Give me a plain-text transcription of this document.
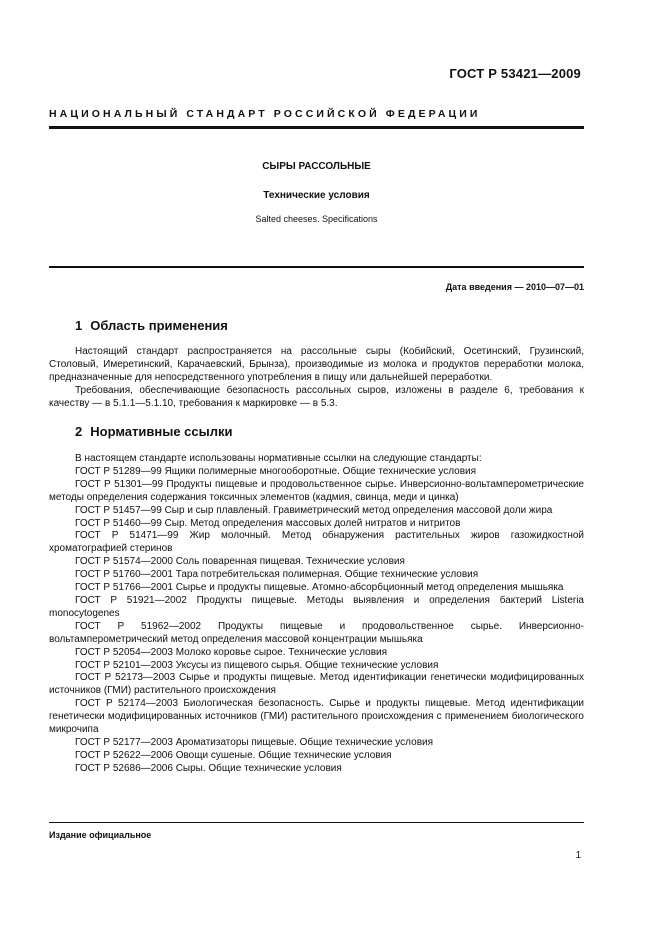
ГОСТ Р 53421—2009
НАЦИОНАЛЬНЫЙ СТАНДАРТ РОССИЙСКОЙ ФЕДЕРАЦИИ
СЫРЫ РАССОЛЬНЫЕ
Технические условия
Salted cheeses. Specifications
Дата введения — 2010—07—01
1 Область применения

Настоящий стандарт распространяется на рассольные сыры (Кобийский, Осетинский, Грузинский, Столовый, Имеретинский, Карачаевский, Брынза), производимые из молока и продуктов переработки молока, предназначенные для непосредственного употребления в пищу или дальнейшей переработки.

Требования, обеспечивающие безопасность рассольных сыров, изложены в разделе 6, требования к качеству — в 5.1.1—5.1.10, требования к маркировке — в 5.3.

2 Нормативные ссылки

В настоящем стандарте использованы нормативные ссылки на следующие стандарты:

ГОСТ Р 51289—99 Ящики полимерные многооборотные. Общие технические условия

ГОСТ Р 51301—99 Продукты пищевые и продовольственное сырье. Инверсионно-вольтамперометрические методы определения содержания токсичных элементов (кадмия, свинца, меди и цинка)

ГОСТ Р 51457—99 Сыр и сыр плавленый. Гравиметрический метод определения массовой доли жира

ГОСТ Р 51460—99 Сыр. Метод определения массовых долей нитратов и нитритов

ГОСТ Р 51471—99 Жир молочный. Метод обнаружения растительных жиров газожидкостной хроматографией стеринов

ГОСТ Р 51574—2000 Соль поваренная пищевая. Технические условия

ГОСТ Р 51760—2001 Тара потребительская полимерная. Общие технические условия

ГОСТ Р 51766—2001 Сырье и продукты пищевые. Атомно-абсорбционный метод определения мышьяка

ГОСТ Р 51921—2002 Продукты пищевые. Методы выявления и определения бактерий Listeria monocytogenes

ГОСТ Р 51962—2002 Продукты пищевые и продовольственное сырье. Инверсионно-вольтамперометрический метод определения массовой концентрации мышьяка

ГОСТ Р 52054—2003 Молоко коровье сырое. Технические условия

ГОСТ Р 52101—2003 Уксусы из пищевого сырья. Общие технические условия

ГОСТ Р 52173—2003 Сырье и продукты пищевые. Метод идентификации генетически модифицированных источников (ГМИ) растительного происхождения

ГОСТ Р 52174—2003 Биологическая безопасность. Сырье и продукты пищевые. Метод идентификации генетически модифицированных источников (ГМИ) растительного происхождения с применением биологического микрочипа

ГОСТ Р 52177—2003 Ароматизаторы пищевые. Общие технические условия

ГОСТ Р 52622—2006 Овощи сушеные. Общие технические условия

ГОСТ Р 52686—2006 Сыры. Общие технические условия

Издание официальное
1
